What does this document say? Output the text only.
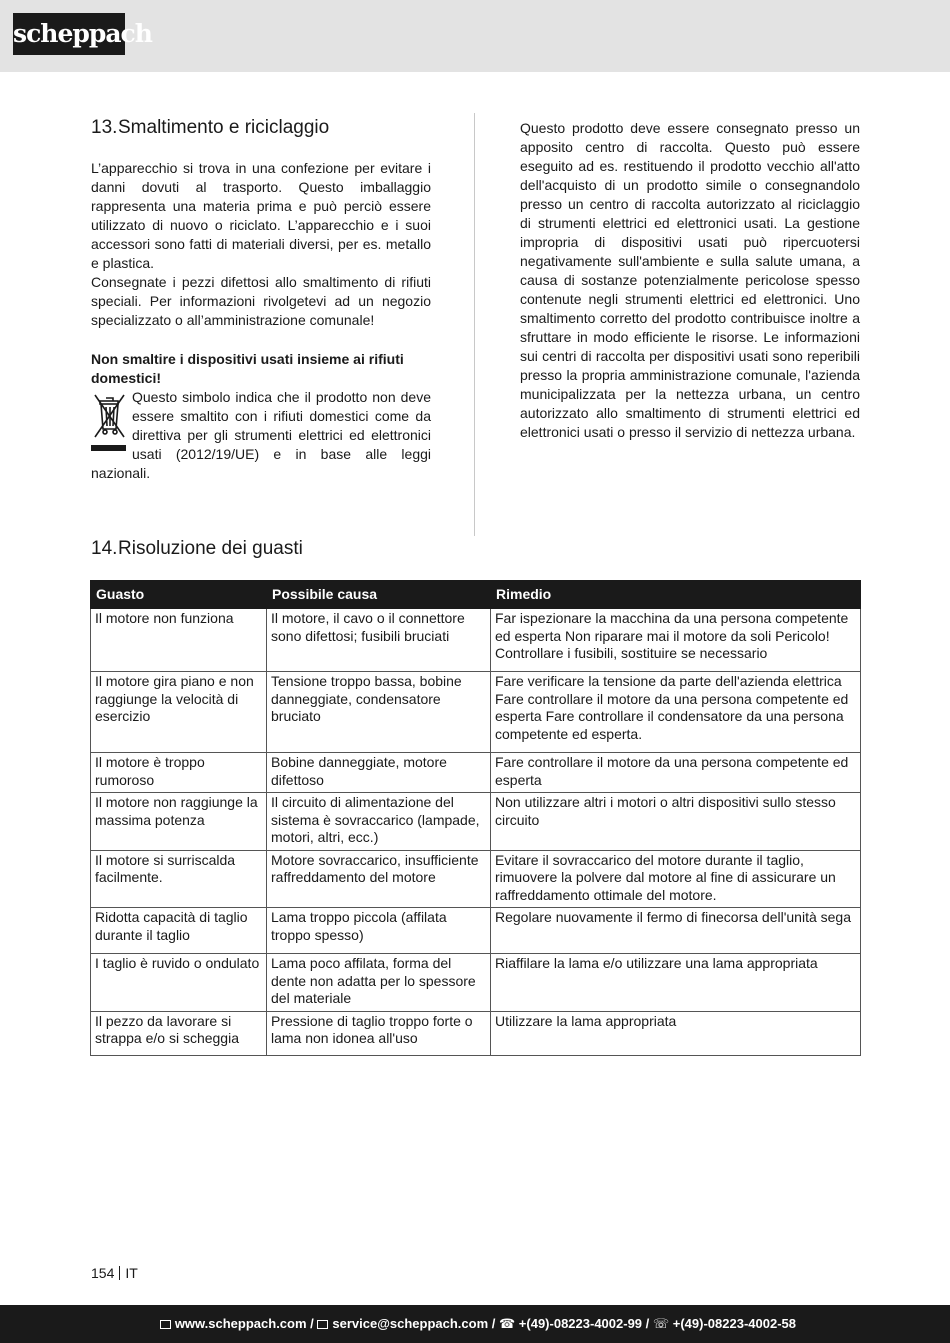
scheppach
13. Smaltimento e riciclaggio

L’apparecchio si trova in una confezione per evitare i danni dovuti al trasporto. Questo imballaggio rappresenta una materia prima e può perciò essere utilizzato di nuovo o riciclato. L’apparecchio e i suoi accessori sono fatti di materiali diversi, per es. metallo e plastica.

Consegnate i pezzi difettosi allo smaltimento di rifiuti speciali. Per informazioni rivolgetevi ad un negozio specializzato o all’amministrazione comunale!

Non smaltire i dispositivi usati insieme ai rifiuti domestici!

Questo simbolo indica che il prodotto non deve essere smaltito con i rifiuti domestici come da direttiva per gli strumenti elettrici ed elettronici usati (2012/19/UE) e in base alle leggi nazionali.

Questo prodotto deve essere consegnato presso un apposito centro di raccolta. Questo può essere eseguito ad es. restituendo il prodotto vecchio all'atto dell'acquisto di un prodotto simile o consegnandolo presso un centro di raccolta autorizzato al riciclaggio di strumenti elettrici ed elettronici usati. La gestione impropria di dispositivi usati può ripercuotersi negativamente sull'ambiente e sulla salute umana, a causa di sostanze potenzialmente pericolose spesso contenute negli strumenti elettrici ed elettronici. Uno smaltimento corretto del prodotto contribuisce inoltre a sfruttare in modo efficiente le risorse. Le informazioni sui centri di raccolta per dispositivi usati sono reperibili presso la propria amministrazione comunale, l'azienda municipalizzata per la nettezza urbana, un centro autorizzato allo smaltimento di strumenti elettrici ed elettronici usati o presso il servizio di nettezza urbana.

14. Risoluzione dei guasti
Guasto	Possibile causa	Rimedio
Il motore non funziona	Il motore, il cavo o il connettore sono difettosi; fusibili bruciati	Far ispezionare la macchina da una persona competente ed esperta Non riparare mai il motore da soli Pericolo! Controllare i fusibili, sostituire se necessario
Il motore gira piano e non raggiunge la velocità di esercizio	Tensione troppo bassa, bobine danneggiate, condensatore bruciato	Fare verificare la tensione da parte dell'azienda elettrica Fare controllare il motore da una persona competente ed esperta Fare controllare il condensatore da una persona competente ed esperta.
Il motore è troppo rumoroso	Bobine danneggiate, motore difettoso	Fare controllare il motore da una persona competente ed esperta
Il motore non raggiunge la massima potenza	Il circuito di alimentazione del sistema è sovraccarico (lampade, motori, altri, ecc.)	Non utilizzare altri i motori o altri dispositivi sullo stesso circuito
Il motore si surriscalda facilmente.	Motore sovraccarico, insufficiente raffreddamento del motore	Evitare il sovraccarico del motore durante il taglio, rimuovere la polvere dal motore al fine di assicurare un raffreddamento ottimale del motore.
Ridotta capacità di taglio durante il taglio	Lama troppo piccola (affilata troppo spesso)	Regolare nuovamente il fermo di finecorsa dell'unità sega
I taglio è ruvido o ondulato	Lama poco affilata, forma del dente non adatta per lo spessore del materiale	Riaffilare la lama e/o utilizzare una lama appropriata
Il pezzo da lavorare si strappa e/o si scheggia	Pressione di taglio troppo forte o lama non idonea all'uso	Utilizzare la lama appropriata
154 IT
www.scheppach.com / service@scheppach.com / ☎ +(49)-08223-4002-99 / ☏ +(49)-08223-4002-58
